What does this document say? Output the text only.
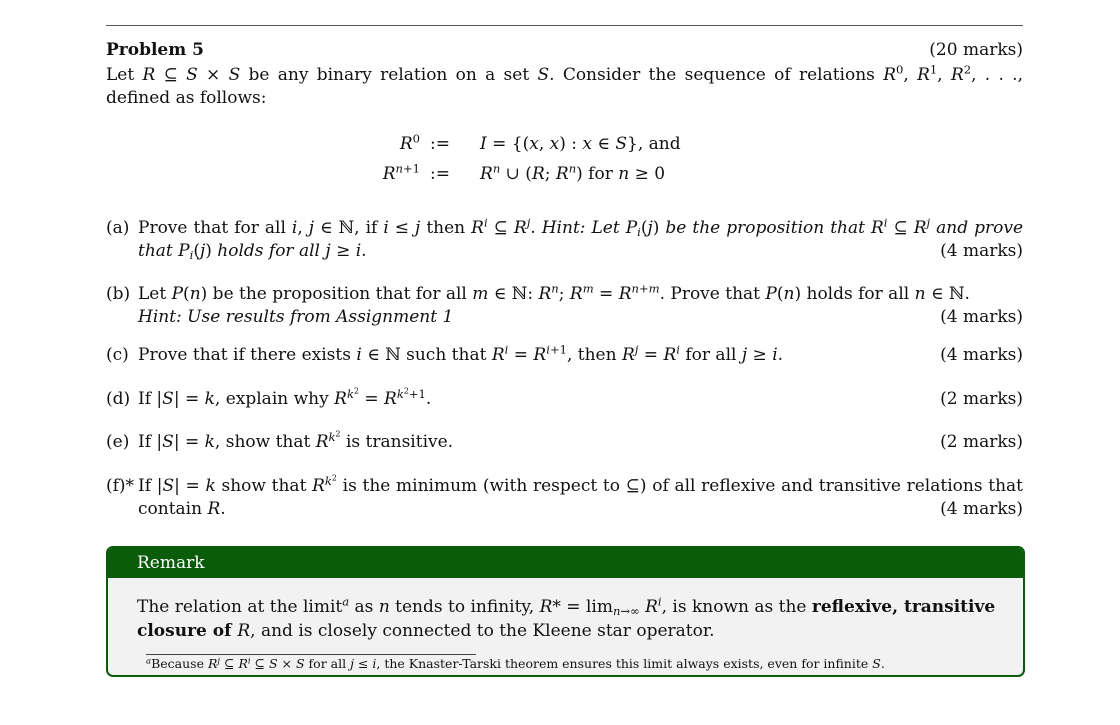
Problem 5	(20 marks)
Let R ⊆ S × S be any binary relation on a set S. Consider the sequence of relations $R^0$, $R^1$, $R^2$, . . ., defined as follows:
$R^0$ := I = {(x, x) : x ∈ S}, and
$R^{n+1}$ := $R^n$ ∪ (R; $R^n$) for n ≥ 0
(a) Prove that for all i, j ∈ ℕ, if i ≤ j then $R^i$ ⊆ $R^j$. Hint: Let $P_i(j)$ be the proposition that $R^i$ ⊆ $R^j$ and prove that $P_i(j)$ holds for all j ≥ i.	(4 marks)
(b) Let P(n) be the proposition that for all m ∈ ℕ: $R^n$; $R^m = R^{n+m}$. Prove that P(n) holds for all n ∈ ℕ.
Hint: Use results from Assignment 1	(4 marks)
(c) Prove that if there exists i ∈ ℕ such that $R^i = R^{i+1}$, then $R^j = R^i$ for all j ≥ i.	(4 marks)
(d) If |S| = k, explain why $R^{k^2} = R^{k^2+1}$.	(2 marks)
(e) If |S| = k, show that $R^{k^2}$ is transitive.	(2 marks)
(f)* If |S| = k show that $R^{k^2}$ is the minimum (with respect to ⊆) of all reflexive and transitive relations that contain R.	(4 marks)
Remark
The relation at the limit$^a$ as n tends to infinity, $R* = \lim_{n\to\infty} R^i$, is known as the reflexive, transitive closure of R, and is closely connected to the Kleene star operator.
$^a$Because $R^j$ ⊆ $R^i$ ⊆ S × S for all j ≤ i, the Knaster-Tarski theorem ensures this limit always exists, even for infinite S.
